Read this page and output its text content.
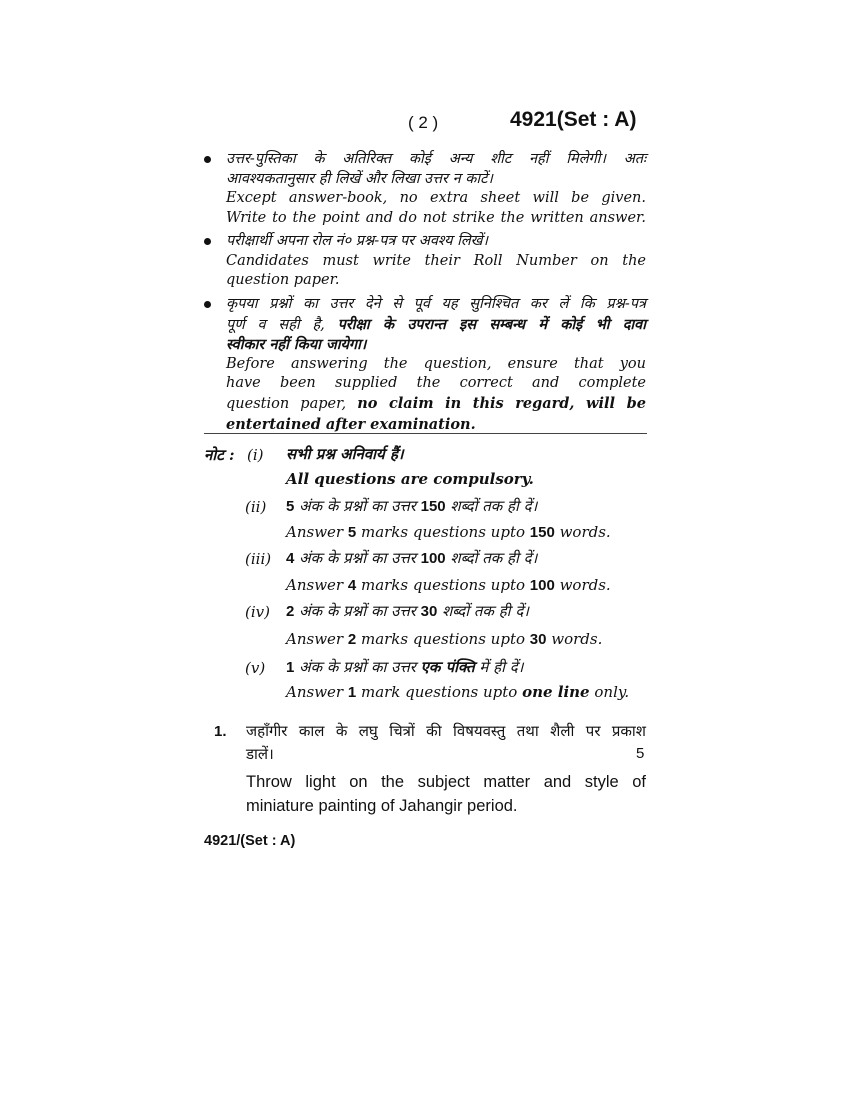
( 2 )	4921(Set : A)
उत्तर-पुस्तिका के अतिरिक्त कोई अन्य शीट नहीं मिलेगी। अतः
आवश्यकतानुसार ही लिखें और लिखा उत्तर न काटें।
Except answer-book, no extra sheet will be given.
Write to the point and do not strike the written answer.
परीक्षार्थी अपना रोल नं० प्रश्न-पत्र पर अवश्य लिखें।
Candidates must write their Roll Number on the
question paper.
कृपया प्रश्नों का उत्तर देने से पूर्व यह सुनिश्चित कर लें कि प्रश्न-पत्र
पूर्ण व सही है, परीक्षा के उपरान्त इस सम्बन्ध में कोई भी दावा
स्वीकार नहीं किया जायेगा।
Before answering the question, ensure that you
have been supplied the correct and complete
question paper, no claim in this regard, will be
entertained after examination.
नोट : (i) सभी प्रश्न अनिवार्य हैं।
All questions are compulsory.
(ii) 5 अंक के प्रश्नों का उत्तर 150 शब्दों तक ही दें।
Answer 5 marks questions upto 150 words.
(iii) 4 अंक के प्रश्नों का उत्तर 100 शब्दों तक ही दें।
Answer 4 marks questions upto 100 words.
(iv) 2 अंक के प्रश्नों का उत्तर 30 शब्दों तक ही दें।
Answer 2 marks questions upto 30 words.
(v) 1 अंक के प्रश्नों का उत्तर एक पंक्ति में ही दें।
Answer 1 mark questions upto one line only.
1. जहाँगीर काल के लघु चित्रों की विषयवस्तु तथा शैली पर प्रकाश
डालें।	5
Throw light on the subject matter and style of
miniature painting of Jahangir period.
4921/(Set : A)
